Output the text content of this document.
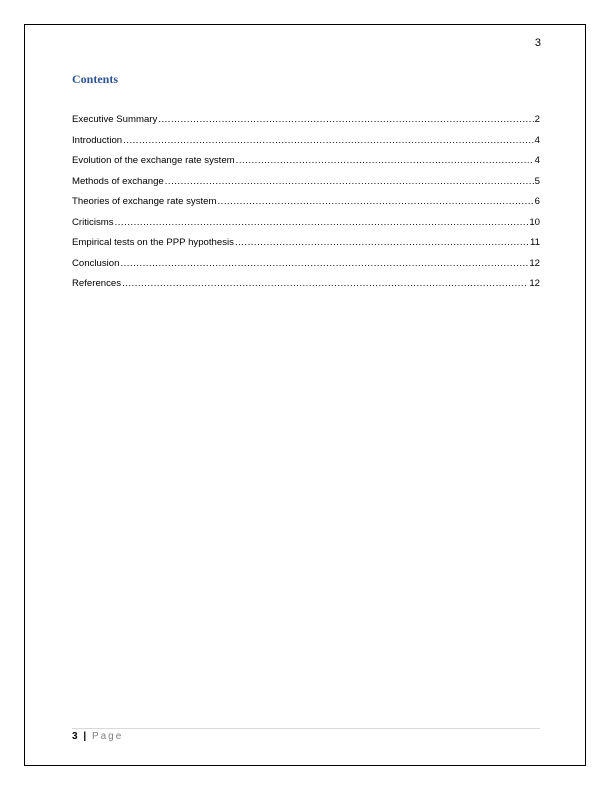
3
Contents
Executive Summary .....	2
Introduction .....	4
Evolution of the exchange rate system .....	4
Methods of exchange .....	5
Theories of exchange rate system .....	6
Criticisms .....	10
Empirical tests on the PPP hypothesis .....	11
Conclusion .....	12
References .....	12
3 | Page
